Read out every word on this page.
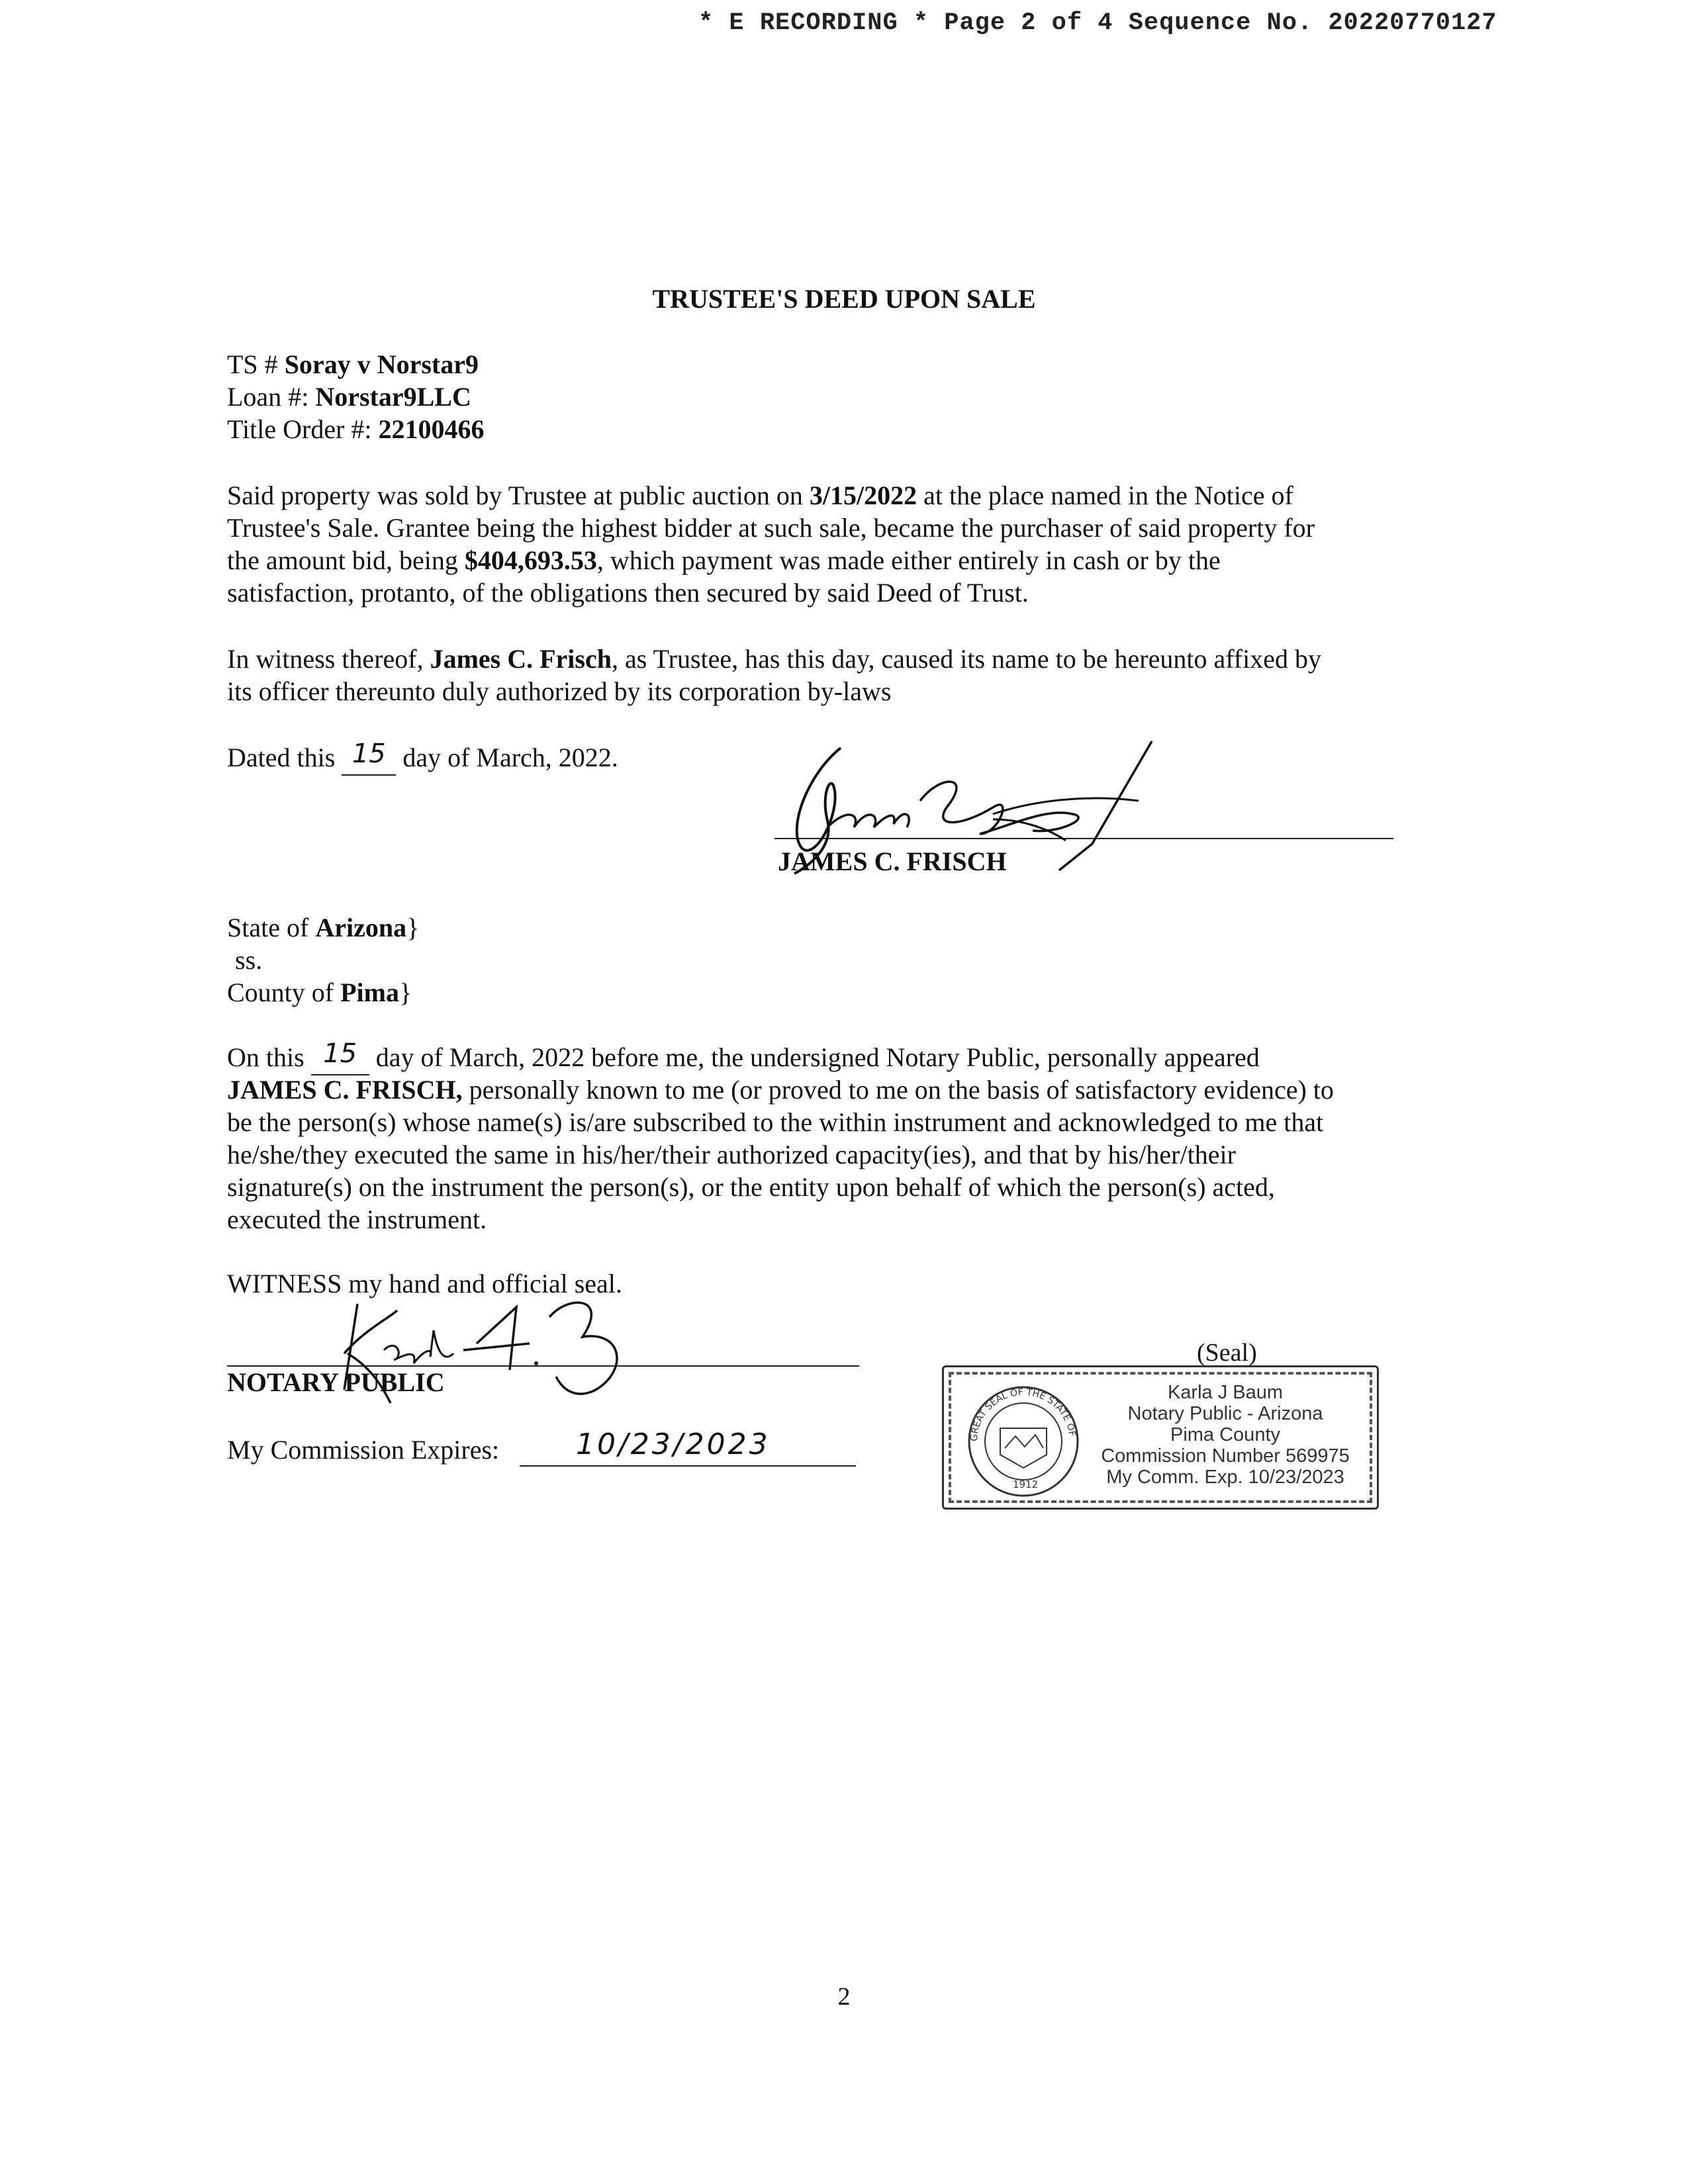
* E RECORDING * Page 2 of 4 Sequence No. 20220770127
TRUSTEE'S DEED UPON SALE
TS # Soray v Norstar9
Loan #: Norstar9LLC
Title Order #: 22100466
Said property was sold by Trustee at public auction on 3/15/2022 at the place named in the Notice of
Trustee's Sale. Grantee being the highest bidder at such sale, became the purchaser of said property for
the amount bid, being $404,693.53, which payment was made either entirely in cash or by the
satisfaction, protanto, of the obligations then secured by said Deed of Trust.
In witness thereof, James C. Frisch, as Trustee, has this day, caused its name to be hereunto affixed by
its officer thereunto duly authorized by its corporation by-laws
Dated this 15 day of March, 2022.
JAMES C. FRISCH
State of Arizona}
ss.
County of Pima}
On this 15 day of March, 2022 before me, the undersigned Notary Public, personally appeared
JAMES C. FRISCH, personally known to me (or proved to me on the basis of satisfactory evidence) to
be the person(s) whose name(s) is/are subscribed to the within instrument and acknowledged to me that
he/she/they executed the same in his/her/their authorized capacity(ies), and that by his/her/their
signature(s) on the instrument the person(s), or the entity upon behalf of which the person(s) acted,
executed the instrument.
WITNESS my hand and official seal.
NOTARY PUBLIC
My Commission Expires:	10/23/2023
(Seal)
GREAT SEAL OF THE STATE OF ARIZONA
1912
Karla J Baum
Notary Public - Arizona
Pima County
Commission Number 569975
My Comm. Exp. 10/23/2023
2
